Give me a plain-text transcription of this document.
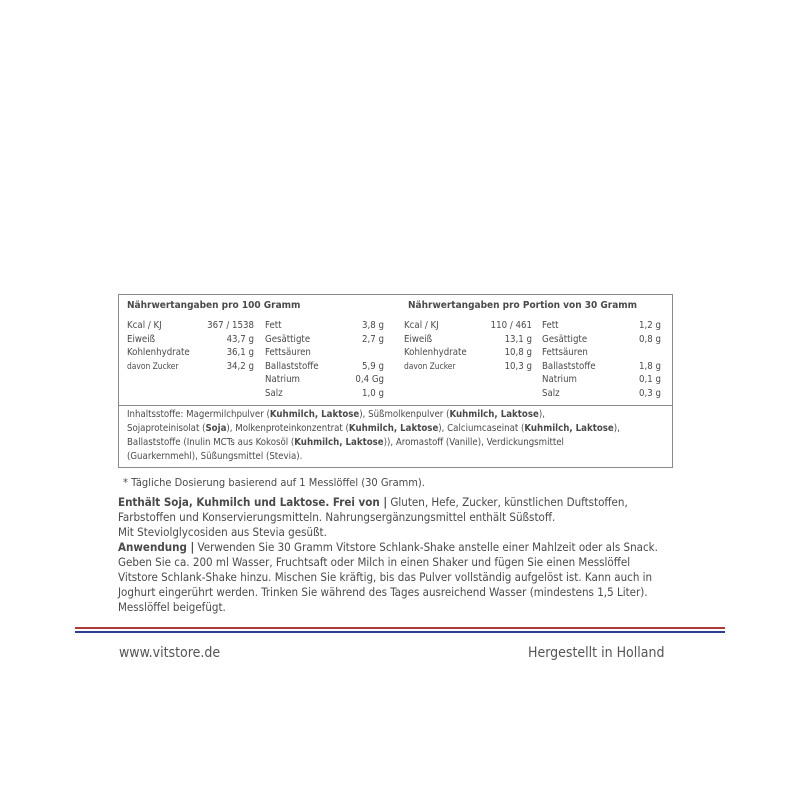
Nährwertangaben pro 100 Gramm
Kcal / KJ	367 / 1538
Eiweiß	43,7 g
Kohlenhydrate	36,1 g
davon Zucker	34,2 g
Fett	3,8 g
Gesättigte	2,7 g
Fettsäuren
Ballaststoffe	5,9 g
Natrium	0,4 Gg
Salz	1,0 g
Nährwertangaben pro Portion von 30 Gramm
Kcal / KJ	110 / 461
Eiweiß	13,1 g
Kohlenhydrate	10,8 g
davon Zucker	10,3 g
Fett	1,2 g
Gesättigte	0,8 g
Fettsäuren
Ballaststoffe	1,8 g
Natrium	0,1 g
Salz	0,3 g
Inhaltsstoffe: Magermilchpulver (Kuhmilch, Laktose), Süßmolkenpulver (Kuhmilch, Laktose),
Sojaproteinisolat (Soja), Molkenproteinkonzentrat (Kuhmilch, Laktose), Calciumcaseinat (Kuhmilch, Laktose),
Ballaststoffe (Inulin MCTs aus Kokosöl (Kuhmilch, Laktose)), Aromastoff (Vanille), Verdickungsmittel
(Guarkernmehl), Süßungsmittel (Stevia).
* Tägliche Dosierung basierend auf 1 Messlöffel (30 Gramm).
Enthält Soja, Kuhmilch und Laktose. Frei von | Gluten, Hefe, Zucker, künstlichen Duftstoffen,
Farbstoffen und Konservierungsmitteln. Nahrungsergänzungsmittel enthält Süßstoff.
Mit Steviolglycosiden aus Stevia gesüßt.
Anwendung | Verwenden Sie 30 Gramm Vitstore Schlank-Shake anstelle einer Mahlzeit oder als Snack.
Geben Sie ca. 200 ml Wasser, Fruchtsaft oder Milch in einen Shaker und fügen Sie einen Messlöffel
Vitstore Schlank-Shake hinzu. Mischen Sie kräftig, bis das Pulver vollständig aufgelöst ist. Kann auch in
Joghurt eingerührt werden. Trinken Sie während des Tages ausreichend Wasser (mindestens 1,5 Liter).
Messlöffel beigefügt.
www.vitstore.de	Hergestellt in Holland
